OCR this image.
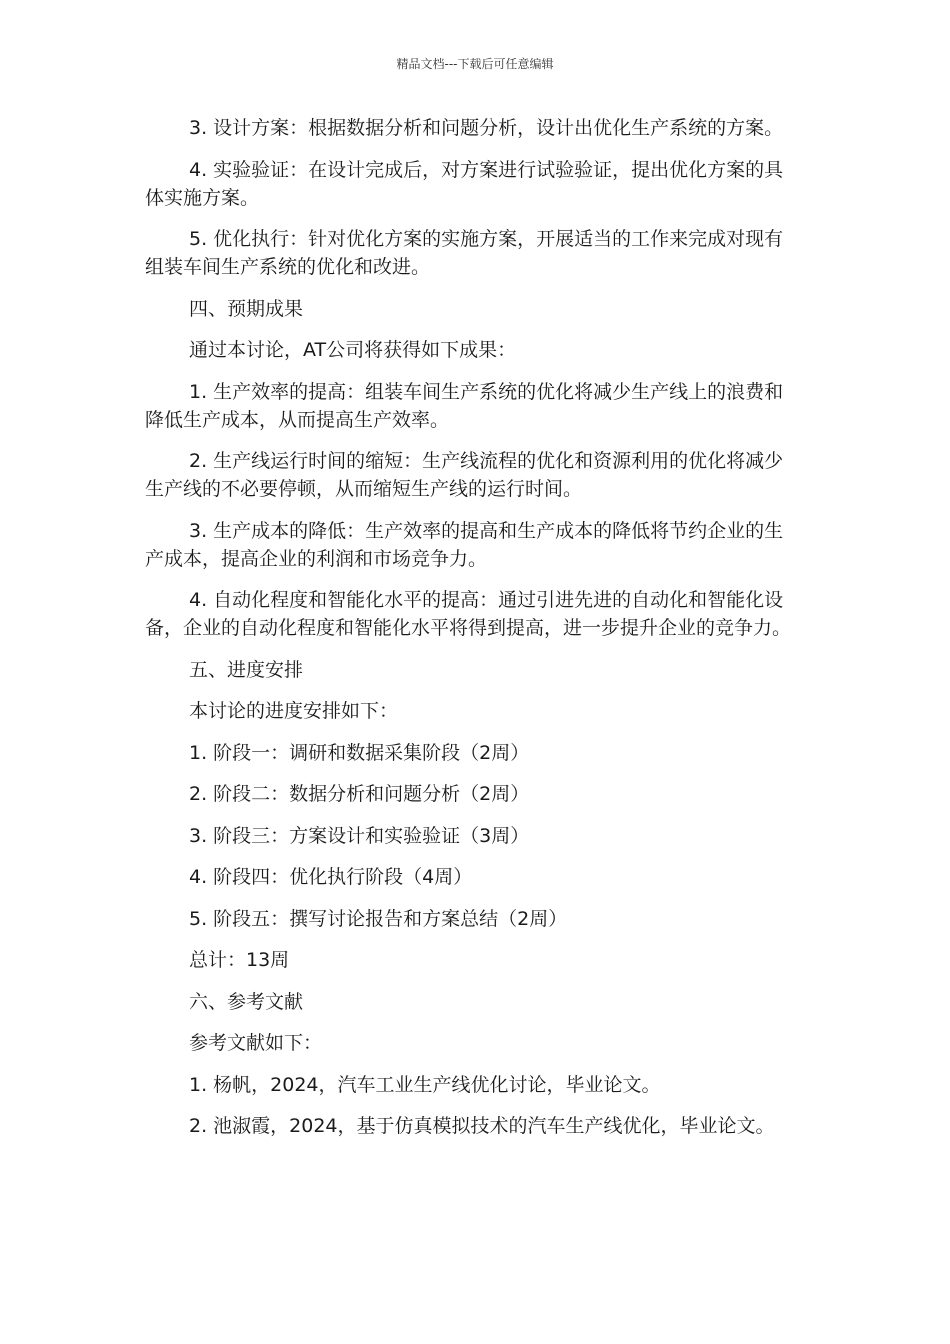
精品文档---下载后可任意编辑

3. 设计方案：根据数据分析和问题分析，设计出优化生产系统的方案。

4. 实验验证：在设计完成后，对方案进行试验验证，提出优化方案的具体实施方案。

5. 优化执行：针对优化方案的实施方案，开展适当的工作来完成对现有组装车间生产系统的优化和改进。

四、预期成果

通过本讨论，AT公司将获得如下成果：

1. 生产效率的提高：组装车间生产系统的优化将减少生产线上的浪费和降低生产成本，从而提高生产效率。

2. 生产线运行时间的缩短：生产线流程的优化和资源利用的优化将减少生产线的不必要停顿，从而缩短生产线的运行时间。

3. 生产成本的降低：生产效率的提高和生产成本的降低将节约企业的生产成本，提高企业的利润和市场竞争力。

4. 自动化程度和智能化水平的提高：通过引进先进的自动化和智能化设备，企业的自动化程度和智能化水平将得到提高，进一步提升企业的竞争力。

五、进度安排

本讨论的进度安排如下：

1. 阶段一：调研和数据采集阶段（2周）

2. 阶段二：数据分析和问题分析（2周）

3. 阶段三：方案设计和实验验证（3周）

4. 阶段四：优化执行阶段（4周）

5. 阶段五：撰写讨论报告和方案总结（2周）

总计：13周

六、参考文献

参考文献如下：

1. 杨帆，2024，汽车工业生产线优化讨论，毕业论文。

2. 池淑霞，2024，基于仿真模拟技术的汽车生产线优化，毕业论文。
